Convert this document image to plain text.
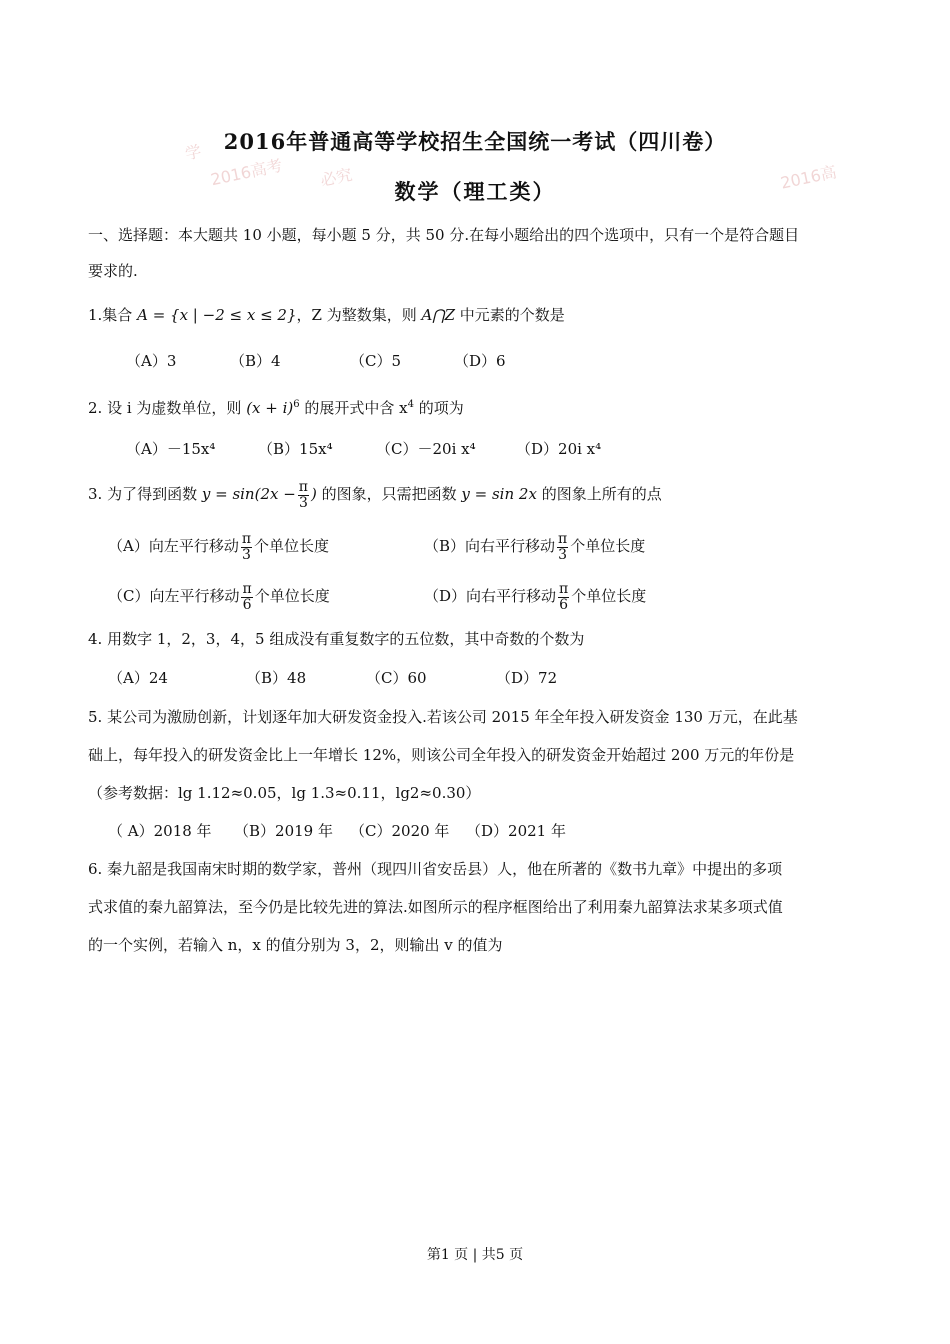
学
2016高考 必究	2016高
2016年普通高等学校招生全国统一考试（四川卷）
数学（理工类）
一、选择题：本大题共 10 小题，每小题 5 分，共 50 分.在每小题给出的四个选项中，只有一个是符合题目
要求的.
1.集合 A = {x | −2 ≤ x ≤ 2}，Z 为整数集，则 A⋂Z 中元素的个数是
（A）3	（B）4	（C）5	（D）6
2. 设 i 为虚数单位，则 $(x + i)^6$ 的展开式中含 $x^4$ 的项为
（A）－15x⁴	（B）15x⁴	（C）－20i x⁴	（D）20i x⁴
3. 为了得到函数 $y = \sin(2x - \frac{\pi}{3}$ ) 的图象，只需把函数 y = sin 2x 的图象上所有的点
（A）向左平行移动 $\frac{\pi}{3}$ 个单位长度	（B）向右平行移动 $\frac{\pi}{3}$ 个单位长度
（C）向左平行移动 $\frac{\pi}{6}$ 个单位长度	（D）向右平行移动 $\frac{\pi}{6}$ 个单位长度
4. 用数字 1，2，3，4，5 组成没有重复数字的五位数，其中奇数的个数为
（A）24	（B）48	（C）60	（D）72
5. 某公司为激励创新，计划逐年加大研发资金投入.若该公司 2015 年全年投入研发资金 130 万元，在此基
础上，每年投入的研发资金比上一年增长 12%，则该公司全年投入的研发资金开始超过 200 万元的年份是
（参考数据：lg 1.12≈0.05，lg 1.3≈0.11，lg2≈0.30）
（ A）2018 年 （B）2019 年 （C）2020 年 （D）2021 年
6. 秦九韶是我国南宋时期的数学家，普州（现四川省安岳县）人，他在所著的《数书九章》中提出的多项
式求值的秦九韶算法，至今仍是比较先进的算法.如图所示的程序框图给出了利用秦九韶算法求某多项式值
的一个实例，若输入 n，x 的值分别为 3，2，则输出 v 的值为
第1 页 | 共5 页
